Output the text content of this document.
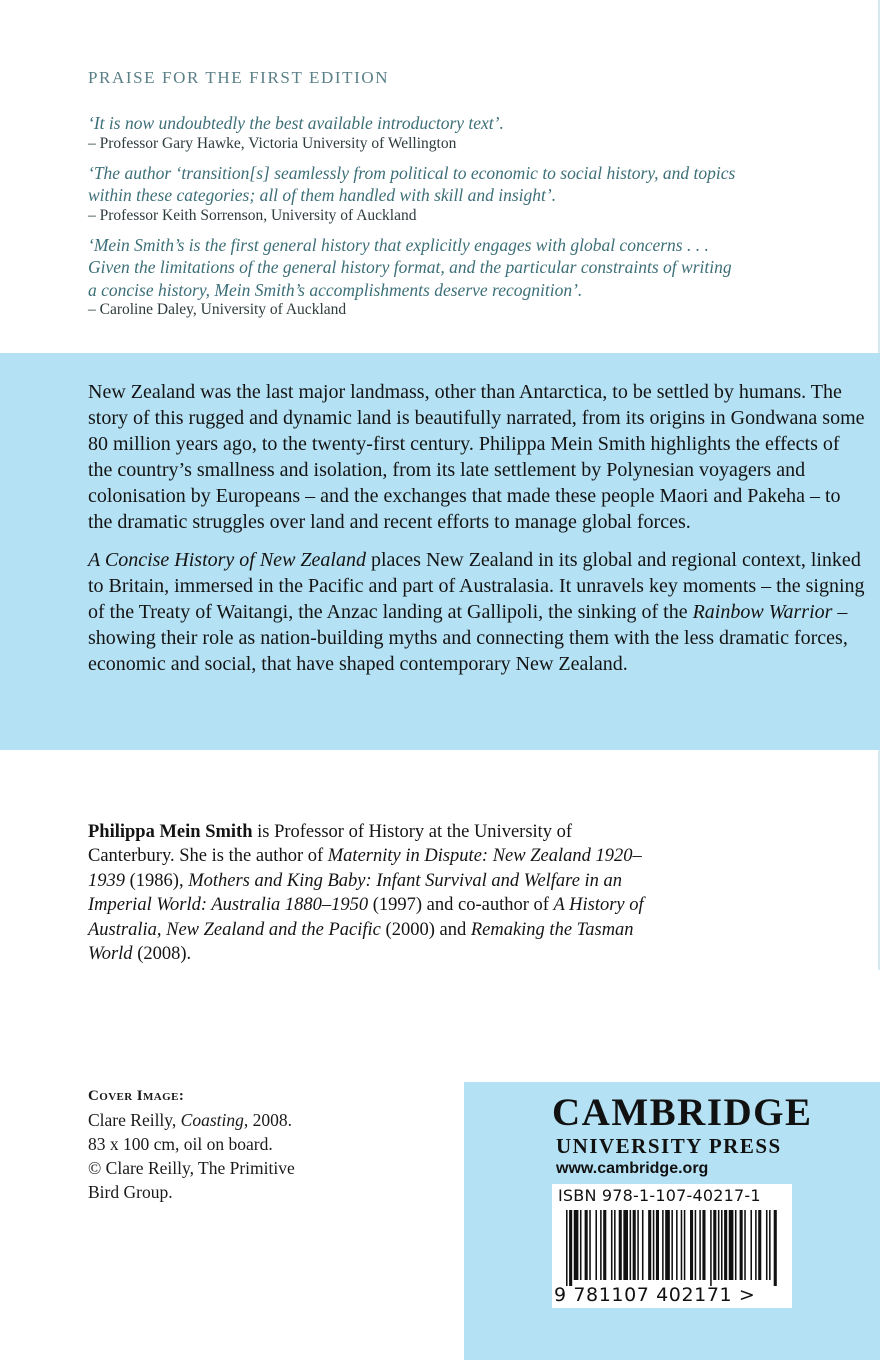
PRAISE FOR THE FIRST EDITION
‘It is now undoubtedly the best available introductory text’.
– Professor Gary Hawke, Victoria University of Wellington
‘The author ‘transition[s] seamlessly from political to economic to social history, and topics
within these categories; all of them handled with skill and insight’.
– Professor Keith Sorrenson, University of Auckland
‘Mein Smith’s is the first general history that explicitly engages with global concerns . . .
Given the limitations of the general history format, and the particular constraints of writing
a concise history, Mein Smith’s accomplishments deserve recognition’.
– Caroline Daley, University of Auckland

New Zealand was the last major landmass, other than Antarctica, to be settled by humans. The story of this rugged and dynamic land is beautifully narrated, from its origins in Gondwana some 80 million years ago, to the twenty-first century. Philippa Mein Smith highlights the effects of the country’s smallness and isolation, from its late settlement by Polynesian voyagers and colonisation by Europeans – and the exchanges that made these people Maori and Pakeha – to the dramatic struggles over land and recent efforts to manage global forces.

A Concise History of New Zealand places New Zealand in its global and regional context, linked to Britain, immersed in the Pacific and part of Australasia. It unravels key moments – the signing of the Treaty of Waitangi, the Anzac landing at Gallipoli, the sinking of the Rainbow Warrior – showing their role as nation-building myths and connecting them with the less dramatic forces, economic and social, that have shaped contemporary New Zealand.

Philippa Mein Smith is Professor of History at the University of Canterbury. She is the author of Maternity in Dispute: New Zealand 1920–1939 (1986), Mothers and King Baby: Infant Survival and Welfare in an Imperial World: Australia 1880–1950 (1997) and co-author of A History of Australia, New Zealand and the Pacific (2000) and Remaking the Tasman World (2008).

Cover Image:
Clare Reilly, Coasting, 2008.
83 x 100 cm, oil on board.
© Clare Reilly, The Primitive
Bird Group.
CAMBRIDGE
UNIVERSITY PRESS
www.cambridge.org
ISBN 978-1-107-40217-1
9 781107 402171 >
